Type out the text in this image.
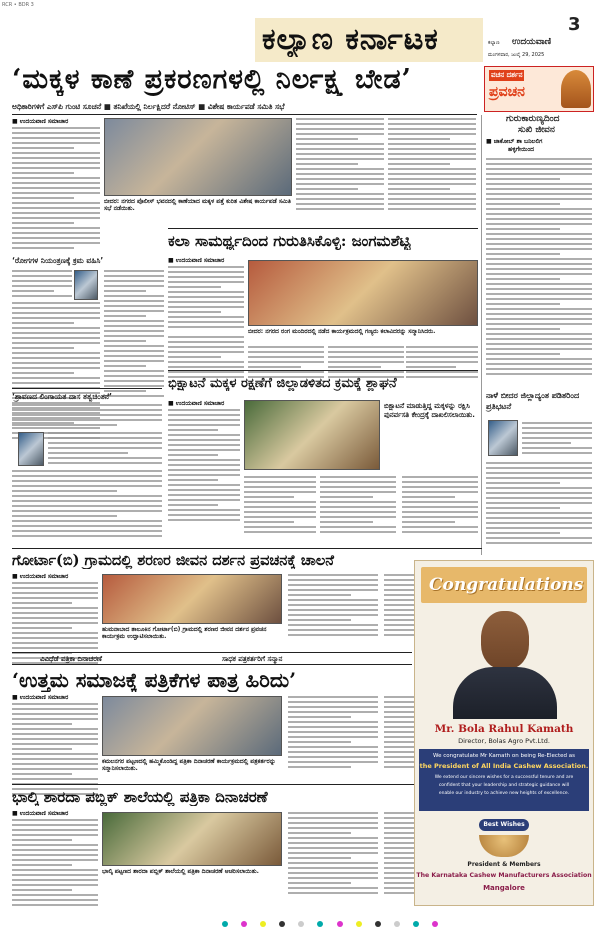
RCR • BDR 3
ಕಲ್ಯಾಣ ಕರ್ನಾಟಕ	3
ಕಲ್ಯಾಣ ಉದಯವಾಣಿ
ಮಂಗಳವಾರ, ಜುಲೈ 29, 2025
‘ಮಕ್ಕಳ ಕಾಣೆ ಪ್ರಕರಣಗಳಲ್ಲಿ ನಿರ್ಲಕ್ಷ್ಯ ಬೇಡ’
ಅಧಿಕಾರಿಗಳಿಗೆ ಎಸ್‌ಪಿ ಗುಂಟಿ ಸೂಚನೆ ■ ತನಿಖೆಯಲ್ಲಿ ನಿರ್ಲಕ್ಷಿದರೆ ನೋಟಿಸ್ ■ ವಿಶೇಷ ಕಾರ್ಯಪಡೆ ಸಮಿತಿ ಸಭೆ
ವಚನ ದರ್ಶನ
ಪ್ರವಚನ
ಗುರುಕಾರುಣ್ಯದಿಂದ
ಸುಖಿ ಜೀವನ
■ ಜಾಕೋಬ್ ಶಾ ಬನಿಲಲಿಗ
ಹಳ್ಳಿಗೇಯಿಂದ
ನಾಳೆ ಬೀದರ ಜಿಲ್ಲಾದ್ಯಂತ ಪಡಿತರಿಂದ ಪ್ರತಿಭಟನೆ
■ ಉದಯವಾಣಿ ಸಮಾಚಾರ
ಬೀದರ: ನಗರದ ಪೊಲೀಸ್ ಭವನದಲ್ಲಿ ಕಾಣೆಯಾದ ಮಕ್ಕಳ ಪತ್ತೆ ಕುರಿತ ವಿಶೇಷ ಕಾರ್ಯಪಡೆ ಸಮಿತಿ ಸಭೆ ನಡೆಯಿತು.
‘ರೋಗಗಳ ನಿಯಂತ್ರಣಕ್ಕೆ ಕ್ರಮ ವಹಿಸಿ’
ಕಲಾ ಸಾಮರ್ಥ್ಯದಿಂದ ಗುರುತಿಸಿಕೊಳ್ಳಿ: ಜಂಗಮಶೆಟ್ಟಿ
■ ಉದಯವಾಣಿ ಸಮಾಚಾರ
ಬೀದರ: ನಗರದ ರಂಗ ಮಂದಿರದಲ್ಲಿ ನಡೆದ ಕಾರ್ಯಕ್ರಮದಲ್ಲಿ ಗಣ್ಯರು ಕಲಾವಿದರನ್ನು ಸನ್ಮಾನಿಸಿದರು.
‘ಶ್ರಾವಣದ ಲಿಂಗಾಯತ ದಾಸ ತತ್ವಚಿಂತನೆ’
ಭಿಕ್ಷಾಟನೆ ಮಕ್ಕಳ ರಕ್ಷಣೆಗೆ ಜಿಲ್ಲಾಡಳಿತದ ಕ್ರಮಕ್ಕೆ ಶ್ಲಾಘನೆ
■ ಉದಯವಾಣಿ ಸಮಾಚಾರ	ಬಿಕ್ಷಾಟನೆ ಮಾಡುತ್ತಿದ್ದ ಮಕ್ಕಳನ್ನು ರಕ್ಷಿಸಿ ಪುನರ್ವಸತಿ ಕೇಂದ್ರಕ್ಕೆ ದಾಖಲಿಸಲಾಯಿತು.
ಗೋರ್ಟಾ(ಬಿ) ಗ್ರಾಮದಲ್ಲಿ ಶರಣರ ಜೀವನ ದರ್ಶನ ಪ್ರವಚನಕ್ಕೆ ಚಾಲನೆ
■ ಉದಯವಾಣಿ ಸಮಾಚಾರ
ಹುಮನಾಬಾದ ತಾಲೂಕಿನ ಗೋರ್ಟಾ(ಬಿ) ಗ್ರಾಮದಲ್ಲಿ ಶರಣರ ಜೀವನ ದರ್ಶನ ಪ್ರವಚನ ಕಾರ್ಯಕ್ರಮ ಉದ್ಘಾಟಿಸಲಾಯಿತು.
ವಿವಿಧೆಡೆ ಪತ್ರಿಕಾ ದಿನಾಚರಣೆ	ಸಾಧಕ ಪತ್ರಕರ್ತರಿಗೆ ಸನ್ಮಾನ
‘ಉತ್ತಮ ಸಮಾಜಕ್ಕೆ ಪತ್ರಿಕೆಗಳ ಪಾತ್ರ ಹಿರಿದು’
■ ಉದಯವಾಣಿ ಸಮಾಚಾರ
ಕಮಲನಗರ ಪಟ್ಟಣದಲ್ಲಿ ಹಮ್ಮಿಕೊಂಡಿದ್ದ ಪತ್ರಿಕಾ ದಿನಾಚರಣೆ ಕಾರ್ಯಕ್ರಮದಲ್ಲಿ ಪತ್ರಕರ್ತರನ್ನು ಸನ್ಮಾನಿಸಲಾಯಿತು.
ಭಾಲ್ಕಿ ಶಾರದಾ ಪಬ್ಲಿಕ್ ಶಾಲೆಯಲ್ಲಿ ಪತ್ರಿಕಾ ದಿನಾಚರಣೆ
■ ಉದಯವಾಣಿ ಸಮಾಚಾರ
ಭಾಲ್ಕಿ ಪಟ್ಟಣದ ಶಾರದಾ ಪಬ್ಲಿಕ್ ಶಾಲೆಯಲ್ಲಿ ಪತ್ರಿಕಾ ದಿನಾಚರಣೆ ಆಚರಿಸಲಾಯಿತು.
Congratulations
Mr. Bola Rahul Kamath
Director, Bolas Agro Pvt.Ltd.
We congratulate Mr Kamath on being Re-Elected as
the President of All India Cashew Association.
We extend our sincere wishes for a successful tenure and are
confident that your leadership and strategic guidance will
enable our industry to achieve new heights of excellence.
Best Wishes
President & Members
The Karnataka Cashew Manufacturers Association
Mangalore
